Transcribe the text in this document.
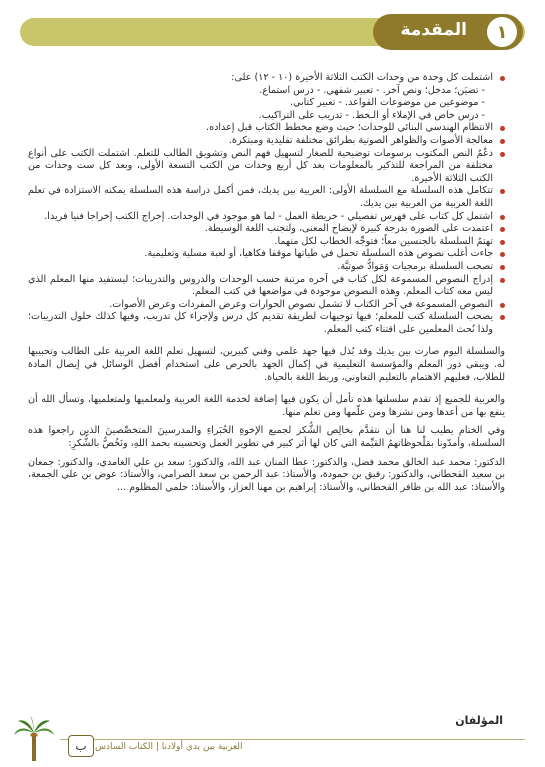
المقدمة	١
اشتملت كل وحدة من وحدات الكتب الثلاثة الأخيرة (١٠ - ١٢) على:
- تضيَن؛ مدخل؛ ونص آخر. - تعبير شفهي. - درس استماع.
- موضوعين من موضوعات القواعد. - تعبير كتابي.
- درس خاص في الإملاء أو الـخط. - تدريب على التراكيب.
الانتظام الهندسي البنائي للوحدات؛ حيث وضع مخطط الكتاب قبل إعداده.
معالجة الأصوات والظواهر الصوتية بطرائق مختلفة تقليدية ومبتكرة.
دعْمُ النص المكتوب برسومات توضيحية للصغار لتسهيل فهم النص وتشويق الطالب للتعلم. اشتملت الكتب على أنواع مختلفة من المراجعة للتذكير بالمعلومات بعد كل أربع وحدات من الكتب التسعة الأولى، وبعد كل ست وحدات من الكتب الثلاثة الأخيرة.
تتكامل هذه السلسلة مع السلسلة الأولى: العربية بين يديك، فمن أكمل دراسة هذه السلسلة يمكنه الاستزادة في تعلم اللغة العربية من العربية بين يديك.
اشتمل كل كتاب على فهرس تفصيلي - خريطة العمل - لما هو موجود في الوحدات. إخراج الكتب إخراجا فنيا فريدا.
اعتمدت على الصورة بدرجة كبيرة لإيضاح المعنى، ولتجنب اللغة الوسيطة.
تهتمُ السلسلة بالجنسين معاً؛ فتوجِّه الخطاب لكل منهما.
جاءت أغلب نصوص هذه السلسلة تحمل في طياتها موقفا فكاهيا، أو لعبة مسلية وتعليمية.
تصحب السلسلة برمجيات وَمَوادُّ صوتيَّة.
إدراج النصوص المسموعة لكل كتاب في آخره مرتبة حسب الوحدات والدروس والتدريبات؛ ليستفيد منها المعلم الذي ليس معه كتاب المعلم. وهذه النصوص موجودة في مواضعها في كتب المعلم.
النصوص المسموعة في آخر الكتاب لا تشمل نصوص الحوارات وعرض المفردات وعرض الأصوات.
يصحب السلسلة كتب للمعلم؛ فيها توجيهات لطريقة تقديم كل درس ولإجراء كل تدريب، وفيها كذلك حلول التدريبات؛ ولذا نُحث المعلمين على اقتناء كتب المعلم.

والسلسلة اليوم صارت بين يديك وقد بُذل فيها جهد علمي وفني كبيرين، لتسهيل تعلم اللغة العربية على الطالب وتحبيبها له. ويبقى دور المعلم والمؤسسة التعليمية في إكمال الجهد بالحرص على استخدام أفضل الوسائل في إيصال المادة للطلاب، فعليهم الاهتمام بالتعليم التعاوني، وربط اللغة بالحياة.

والعربية للجميع إذ تقدم سلسلتها هذه تأمل أن يكون فيها إضافة لخدمة اللغة العربية ولمعلميها ولمتعلميها، وتسأل الله أن ينفع بها من أعدها ومن نشرها ومن علّمها ومن تعلم منها.

وفي الختام يطيب لنا هنا أن نتقدَّم بخالِص الشُّكر لجميع الإخوةِ الخُبَراءِ والمدرسينَ المتخصِّصينَ الذين راجعوا هذه السلسلة، وأمدّونا بمَلْحوظاتهمُ القيِّمة التي كان لها أثر كبير في تطوير العمل وتحسينه بحمد اللهِ، ونَخُصُّ بالشُّكرِ:

الدكتور: محمد عبد الخالق محمد فضل، والدكتور: عطا المنان عبد الله، والدكتور: سعد بن علي الغامدي، والدكتور: جمعان بن سعيد القحطاني، والدكتور: رفيق بن حمودة، والأستاذ: عبد الرحمن بن سعد الصرامي، والأستاذ: عوض بن علي الجمعة، والأستاذ: عبد الله بن ظافر القحطاني، والأستاذ: إبراهيم بن مهنا العزاز، والأستاذ: حلمي المظلوم ...

المؤلفان
العربية بين يدي أولادنا | الكتاب السادس
ب
